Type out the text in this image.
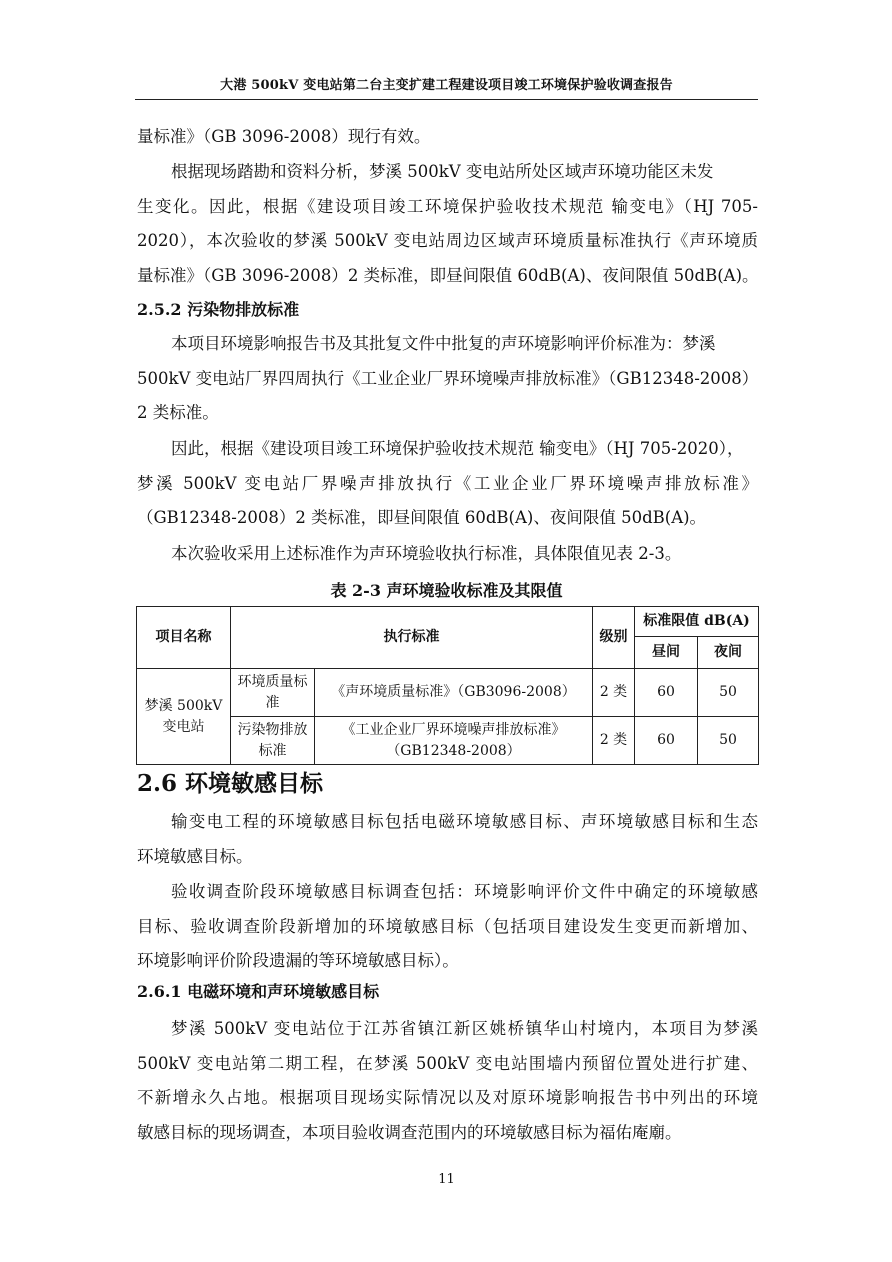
大港 500kV 变电站第二台主变扩建工程建设项目竣工环境保护验收调查报告
量标准》（GB 3096-2008）现行有效。
根据现场踏勘和资料分析，梦溪 500kV 变电站所处区域声环境功能区未发
生变化。因此，根据《建设项目竣工环境保护验收技术规范 输变电》（HJ 705-
2020），本次验收的梦溪 500kV 变电站周边区域声环境质量标准执行《声环境质
量标准》（GB 3096-2008）2 类标准，即昼间限值 60dB(A)、夜间限值 50dB(A)。
2.5.2 污染物排放标准
本项目环境影响报告书及其批复文件中批复的声环境影响评价标准为：梦溪
500kV 变电站厂界四周执行《工业企业厂界环境噪声排放标准》（GB12348-2008）
2 类标准。
因此，根据《建设项目竣工环境保护验收技术规范 输变电》（HJ 705-2020），
梦溪 500kV 变电站厂界噪声排放执行《工业企业厂界环境噪声排放标准》
（GB12348-2008）2 类标准，即昼间限值 60dB(A)、夜间限值 50dB(A)。
本次验收采用上述标准作为声环境验收执行标准，具体限值见表 2-3。
表 2-3 声环境验收标准及其限值
项目名称	执行标准		级别	标准限值 dB(A)	
				昼间	夜间
梦溪 500kV 变电站	环境质量标准	《声环境质量标准》（GB3096-2008）	2 类	60	50
	污染物排放标准	《工业企业厂界环境噪声排放标准》（GB12348-2008）	2 类	60	50
2.6 环境敏感目标
输变电工程的环境敏感目标包括电磁环境敏感目标、声环境敏感目标和生态
环境敏感目标。
验收调查阶段环境敏感目标调查包括：环境影响评价文件中确定的环境敏感
目标、验收调查阶段新增加的环境敏感目标（包括项目建设发生变更而新增加、
环境影响评价阶段遗漏的等环境敏感目标）。
2.6.1 电磁环境和声环境敏感目标
梦溪 500kV 变电站位于江苏省镇江新区姚桥镇华山村境内，本项目为梦溪
500kV 变电站第二期工程，在梦溪 500kV 变电站围墙内预留位置处进行扩建、
不新增永久占地。根据项目现场实际情况以及对原环境影响报告书中列出的环境
敏感目标的现场调查，本项目验收调查范围内的环境敏感目标为福佑庵廟。
11
